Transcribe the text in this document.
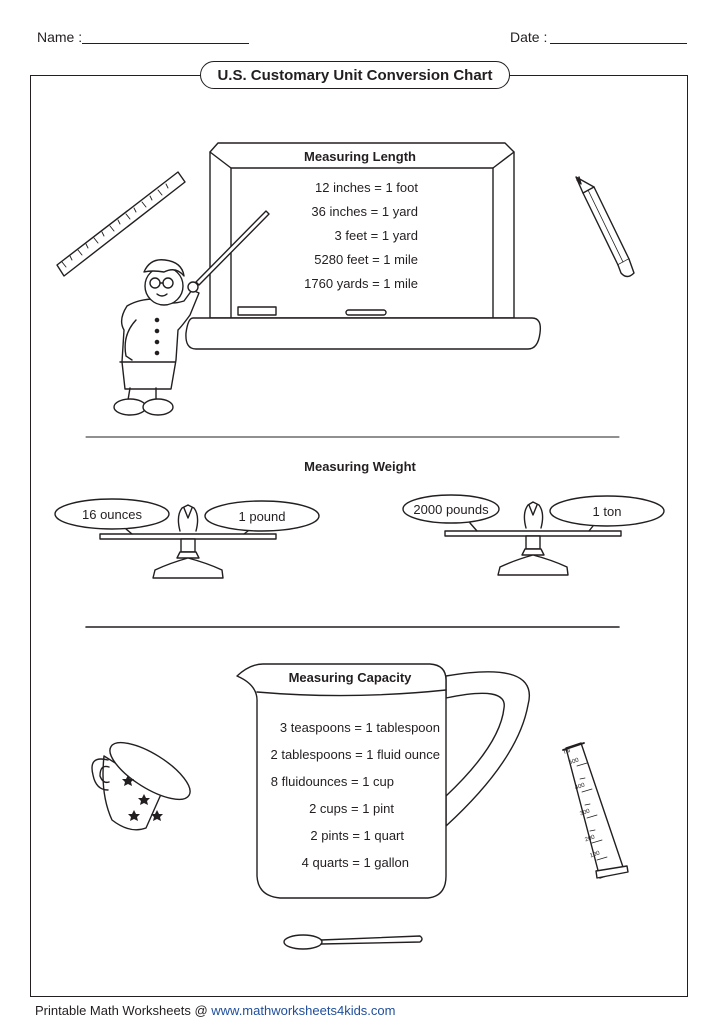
Name :	Date :
U.S. Customary Unit Conversion Chart
Measuring Length
12 inches = 1 foot
36 inches = 1 yard
3 feet = 1 yard
5280 feet = 1 mile
1760 yards = 1 mile
Measuring Weight
16 ounces	1 pound	2000 pounds	1 ton
Measuring Capacity
3 teaspoons = 1 tablespoon
2 tablespoons = 1 fluid ounce
8 fluidounces = 1 cup
2 cups = 1 pint
2 pints = 1 quart
4 quarts = 1 gallon
ml
500
400
300
200
100
Printable Math Worksheets @ www.mathworksheets4kids.com
